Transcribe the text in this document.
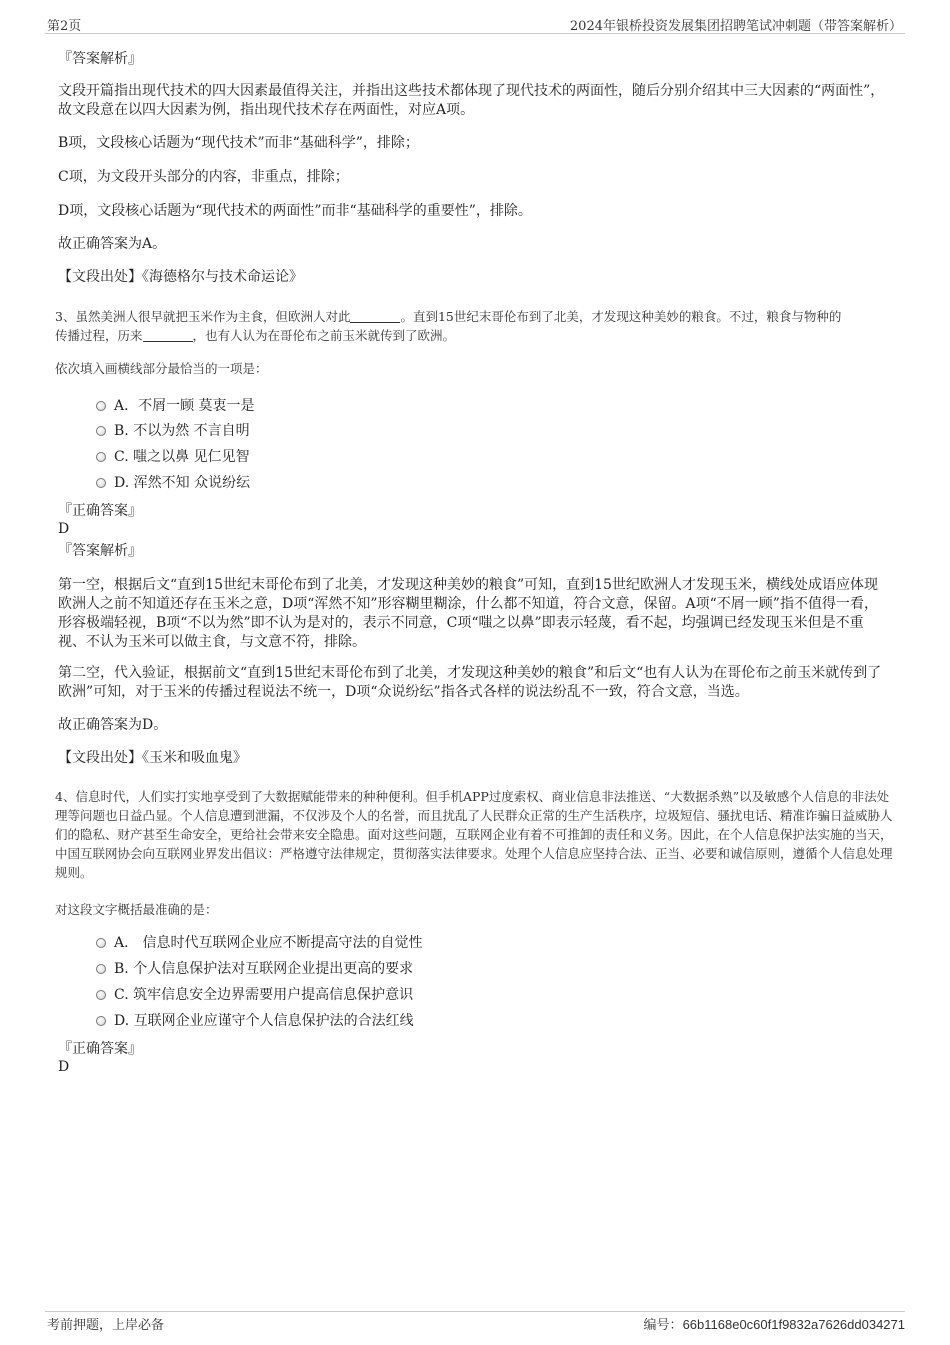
第2页	2024年银桥投资发展集团招聘笔试冲刺题（带答案解析）
『答案解析』
文段开篇指出现代技术的四大因素最值得关注，并指出这些技术都体现了现代技术的两面性，随后分别介绍其中三大因素的“两面性”，故文段意在以四大因素为例，指出现代技术存在两面性，对应A项。
B项，文段核心话题为“现代技术”而非“基础科学”，排除；
C项，为文段开头部分的内容，非重点，排除；
D项，文段核心话题为“现代技术的两面性”而非“基础科学的重要性”，排除。
故正确答案为A。
【文段出处】《海德格尔与技术命运论》
3、虽然美洲人很早就把玉米作为主食，但欧洲人对此	。直到15世纪末哥伦布到了北美，才发现这种美妙的粮食。不过，粮食与物种的
传播过程，历来	，也有人认为在哥伦布之前玉米就传到了欧洲。
依次填入画横线部分最恰当的一项是：
A．不屑一顾 莫衷一是
B. 不以为然 不言自明
C. 嗤之以鼻 见仁见智
D. 浑然不知 众说纷纭
『正确答案』
D
『答案解析』
第一空，根据后文“直到15世纪末哥伦布到了北美，才发现这种美妙的粮食”可知，直到15世纪欧洲人才发现玉米，横线处成语应体现欧洲人之前不知道还存在玉米之意，D项“浑然不知”形容糊里糊涂，什么都不知道，符合文意，保留。A项“不屑一顾”指不值得一看，形容极端轻视，B项“不以为然”即不认为是对的，表示不同意，C项“嗤之以鼻”即表示轻蔑，看不起，均强调已经发现玉米但是不重视、不认为玉米可以做主食，与文意不符，排除。
第二空，代入验证，根据前文“直到15世纪末哥伦布到了北美，才发现这种美妙的粮食”和后文“也有人认为在哥伦布之前玉米就传到了欧洲”可知，对于玉米的传播过程说法不统一，D项“众说纷纭”指各式各样的说法纷乱不一致，符合文意，当选。
故正确答案为D。
【文段出处】《玉米和吸血鬼》
4、信息时代，人们实打实地享受到了大数据赋能带来的种种便利。但手机APP过度索权、商业信息非法推送、“大数据杀熟”以及敏感个人信息的非法处理等问题也日益凸显。个人信息遭到泄漏，不仅涉及个人的名誉，而且扰乱了人民群众正常的生产生活秩序，垃圾短信、骚扰电话、精准诈骗日益威胁人们的隐私、财产甚至生命安全，更给社会带来安全隐患。面对这些问题，互联网企业有着不可推卸的责任和义务。因此，在个人信息保护法实施的当天，中国互联网协会向互联网业界发出倡议：严格遵守法律规定，贯彻落实法律要求。处理个人信息应坚持合法、正当、必要和诚信原则，遵循个人信息处理规则。
对这段文字概括最准确的是：
A． 信息时代互联网企业应不断提高守法的自觉性
B. 个人信息保护法对互联网企业提出更高的要求
C. 筑牢信息安全边界需要用户提高信息保护意识
D. 互联网企业应谨守个人信息保护法的合法红线
『正确答案』
D
考前押题，上岸必备	编号：66b1168e0c60f1f9832a7626dd034271
